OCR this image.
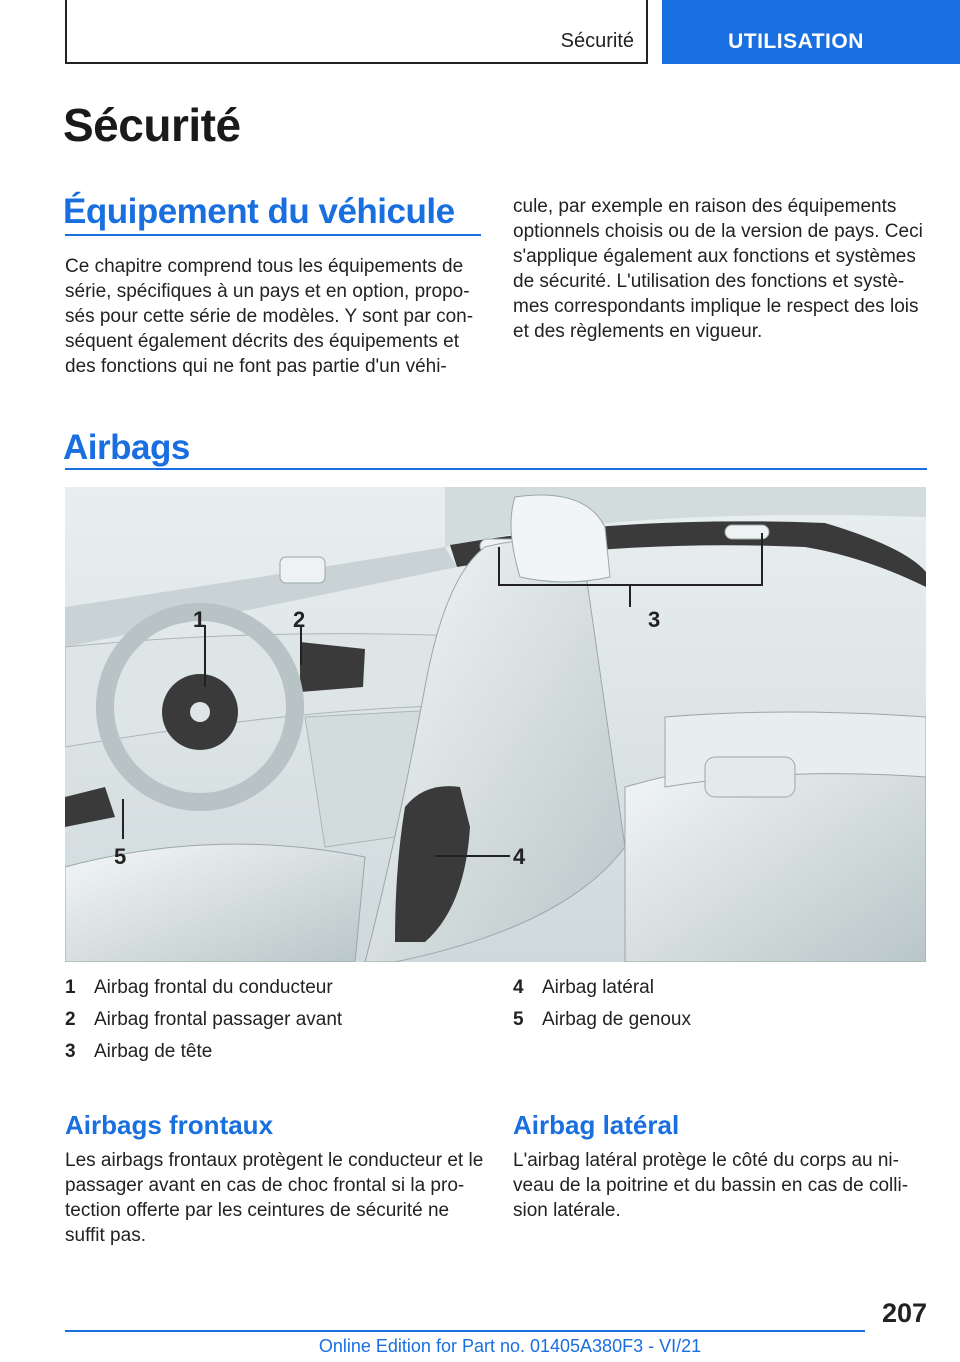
Sécurité	UTILISATION
Sécurité
Équipement du véhicule

Ce chapitre comprend tous les équipements de série, spécifiques à un pays et en option, proposés pour cette série de modèles. Y sont par conséquent également décrits des équipements et des fonctions qui ne font pas partie d'un véhi-

cule, par exemple en raison des équipements optionnels choisis ou de la version de pays. Ceci s'applique également aux fonctions et systèmes de sécurité. L'utilisation des fonctions et systèmes correspondants implique le respect des lois et des règlements en vigueur.

Airbags
1	2	3
4
5
1 Airbag frontal du conducteur
2 Airbag frontal passager avant
3 Airbag de tête
4 Airbag latéral
5 Airbag de genoux
Airbags frontaux

Les airbags frontaux protègent le conducteur et le passager avant en cas de choc frontal si la protection offerte par les ceintures de sécurité ne suffit pas.

Airbag latéral

L'airbag latéral protège le côté du corps au niveau de la poitrine et du bassin en cas de collision latérale.

207
Online Edition for Part no. 01405A380F3 - VI/21
